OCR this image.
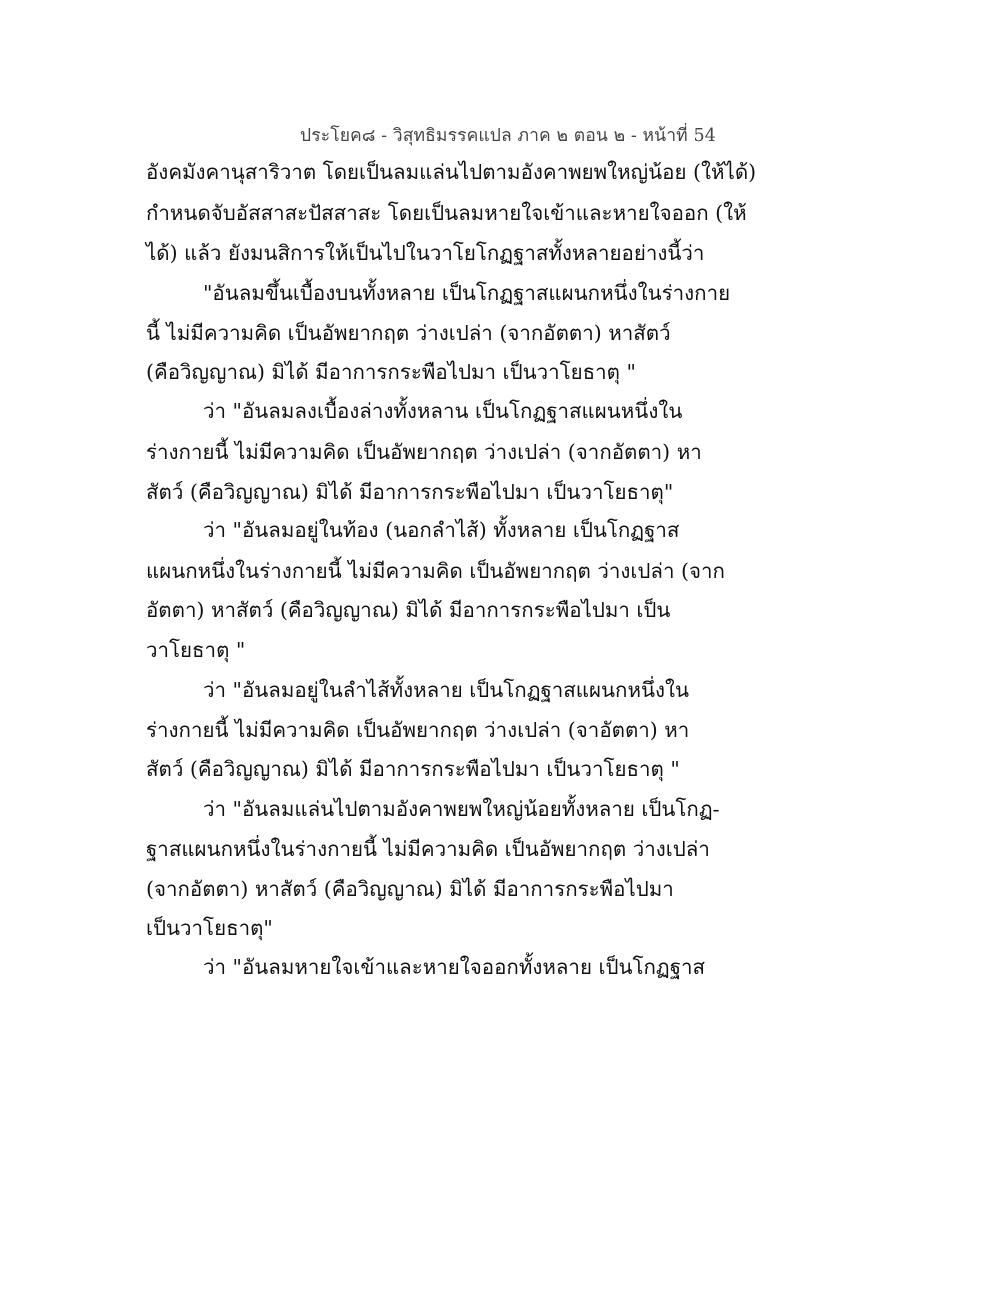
ประโยค๘ - วิสุทธิมรรคแปล ภาค ๒ ตอน ๒ - หน้าที่ 54
อังคมังคานุสาริวาต โดยเป็นลมแล่นไปตามอังคาพยพใหญ่น้อย (ให้ได้)
กำหนดจับอัสสาสะปัสสาสะ โดยเป็นลมหายใจเข้าและหายใจออก (ให้
ได้) แล้ว ยังมนสิการให้เป็นไปในวาโยโกฏฐาสทั้งหลายอย่างนี้ว่า
"อันลมขึ้นเบื้องบนทั้งหลาย เป็นโกฏฐาสแผนกหนึ่งในร่างกาย
นี้ ไม่มีความคิด เป็นอัพยากฤต ว่างเปล่า (จากอัตตา) หาสัตว์
(คือวิญญาณ) มิได้ มีอาการกระพือไปมา เป็นวาโยธาตุ "
ว่า "อันลมลงเบื้องล่างทั้งหลาน เป็นโกฏฐาสแผนหนึ่งใน
ร่างกายนี้ ไม่มีความคิด เป็นอัพยากฤต ว่างเปล่า (จากอัตตา) หา
สัตว์ (คือวิญญาณ) มิได้ มีอาการกระพือไปมา เป็นวาโยธาตุ"
ว่า "อันลมอยู่ในท้อง (นอกลำไส้) ทั้งหลาย เป็นโกฏฐาส
แผนกหนึ่งในร่างกายนี้ ไม่มีความคิด เป็นอัพยากฤต ว่างเปล่า (จาก
อัตตา) หาสัตว์ (คือวิญญาณ) มิได้ มีอาการกระพือไปมา เป็น
วาโยธาตุ "
ว่า "อันลมอยู่ในลำไส้ทั้งหลาย เป็นโกฏฐาสแผนกหนึ่งใน
ร่างกายนี้ ไม่มีความคิด เป็นอัพยากฤต ว่างเปล่า (จาอัตตา) หา
สัตว์ (คือวิญญาณ) มิได้ มีอาการกระพือไปมา เป็นวาโยธาตุ "
ว่า "อันลมแล่นไปตามอังคาพยพใหญ่น้อยทั้งหลาย เป็นโกฏ-
ฐาสแผนกหนึ่งในร่างกายนี้ ไม่มีความคิด เป็นอัพยากฤต ว่างเปล่า
(จากอัตตา) หาสัตว์ (คือวิญญาณ) มิได้ มีอาการกระพือไปมา
เป็นวาโยธาตุ"
ว่า "อันลมหายใจเข้าและหายใจออกทั้งหลาย เป็นโกฏฐาส
